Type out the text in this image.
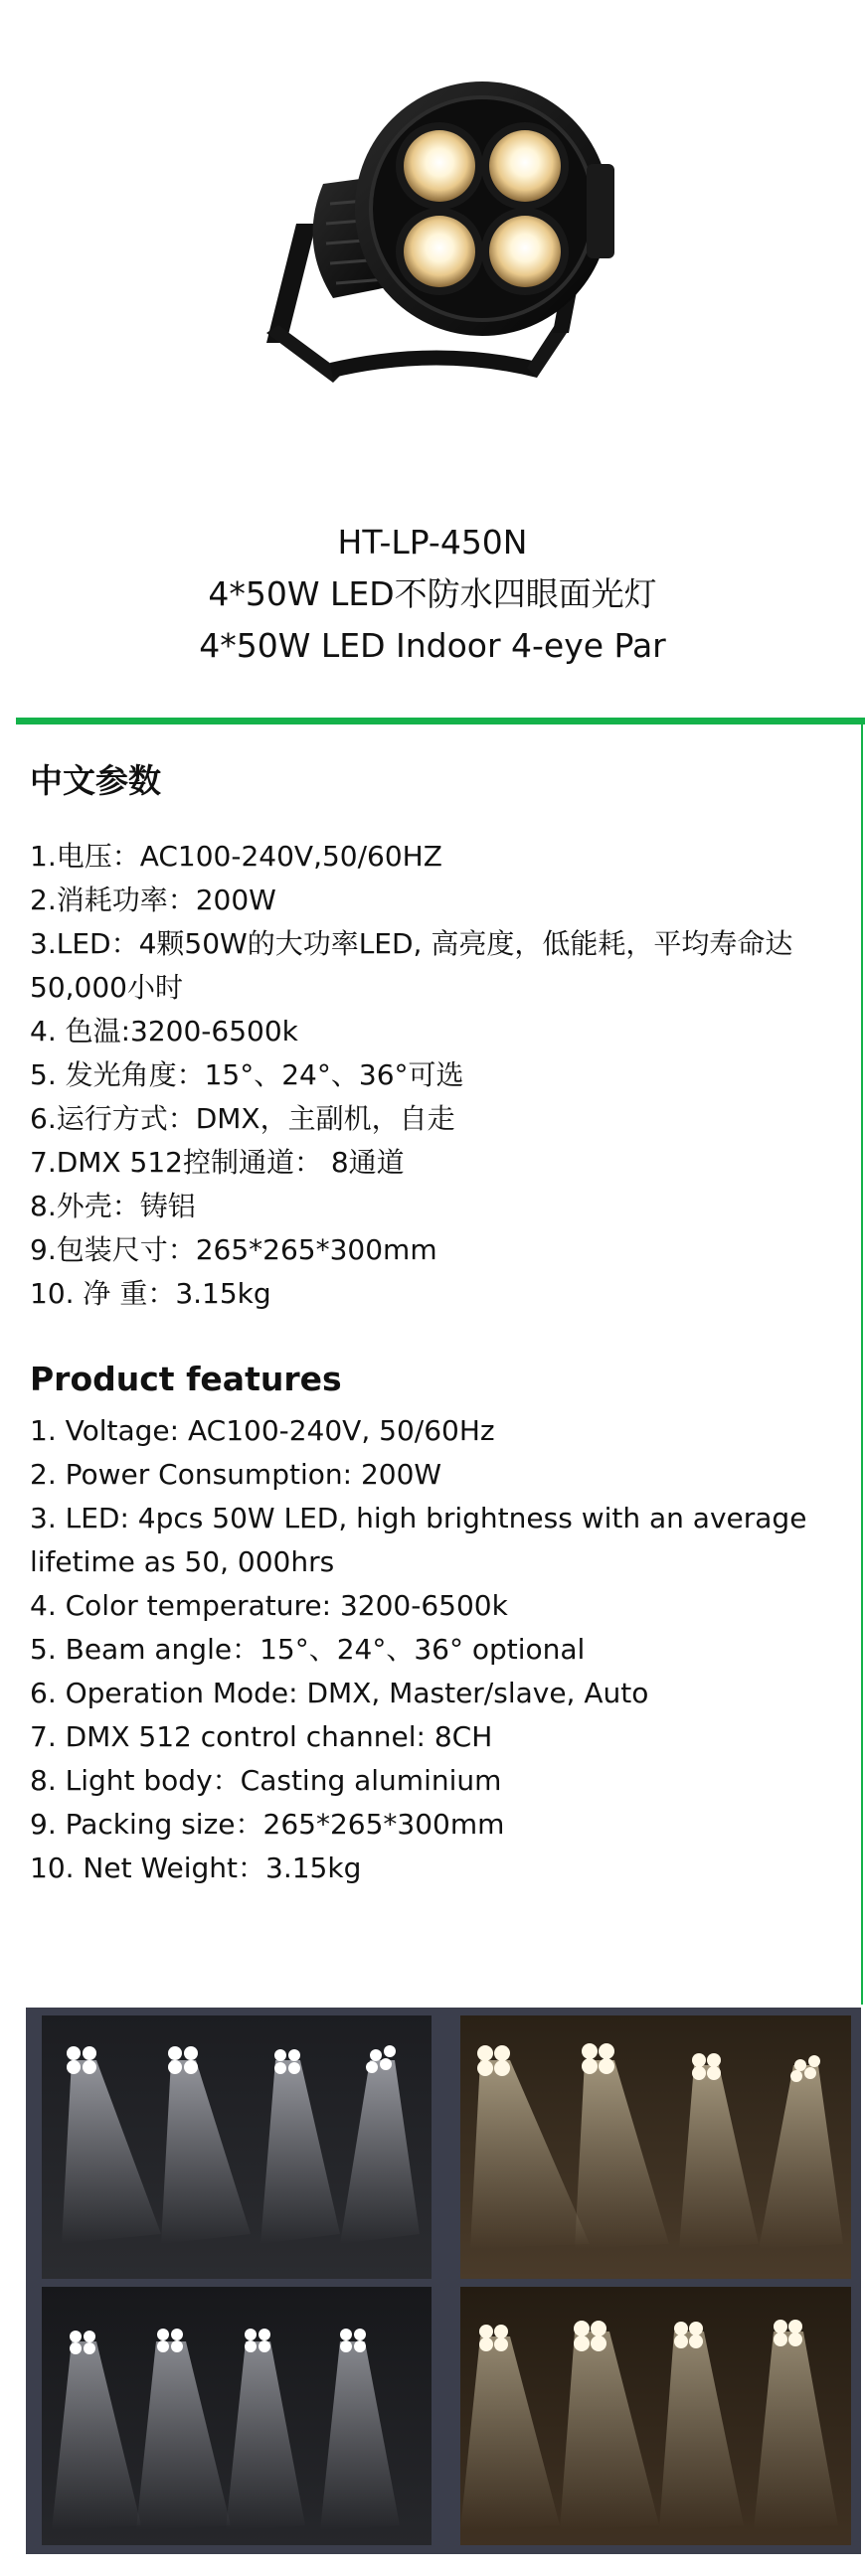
HT-LP-450N
4*50W LED不防水四眼面光灯
4*50W LED Indoor 4-eye Par
中文参数
1.电压：AC100-240V,50/60HZ
2.消耗功率：200W
3.LED：4颗50W的大功率LED, 高亮度，低能耗，平均寿命达50,000小时
4. 色温:3200-6500k
5. 发光角度：15°、24°、36°可选
6.运行方式：DMX，主副机，自走
7.DMX 512控制通道： 8通道
8.外壳：铸铝
9.包装尺寸：265*265*300mm
10. 净 重：3.15kg
Product features
1. Voltage: AC100-240V, 50/60Hz
2. Power Consumption: 200W
3. LED: 4pcs 50W LED, high brightness with an average lifetime as 50, 000hrs
4. Color temperature: 3200-6500k
5. Beam angle：15°、24°、36° optional
6. Operation Mode: DMX, Master/slave, Auto
7. DMX 512 control channel: 8CH
8. Light body：Casting aluminium
9. Packing size：265*265*300mm
10. Net Weight：3.15kg
